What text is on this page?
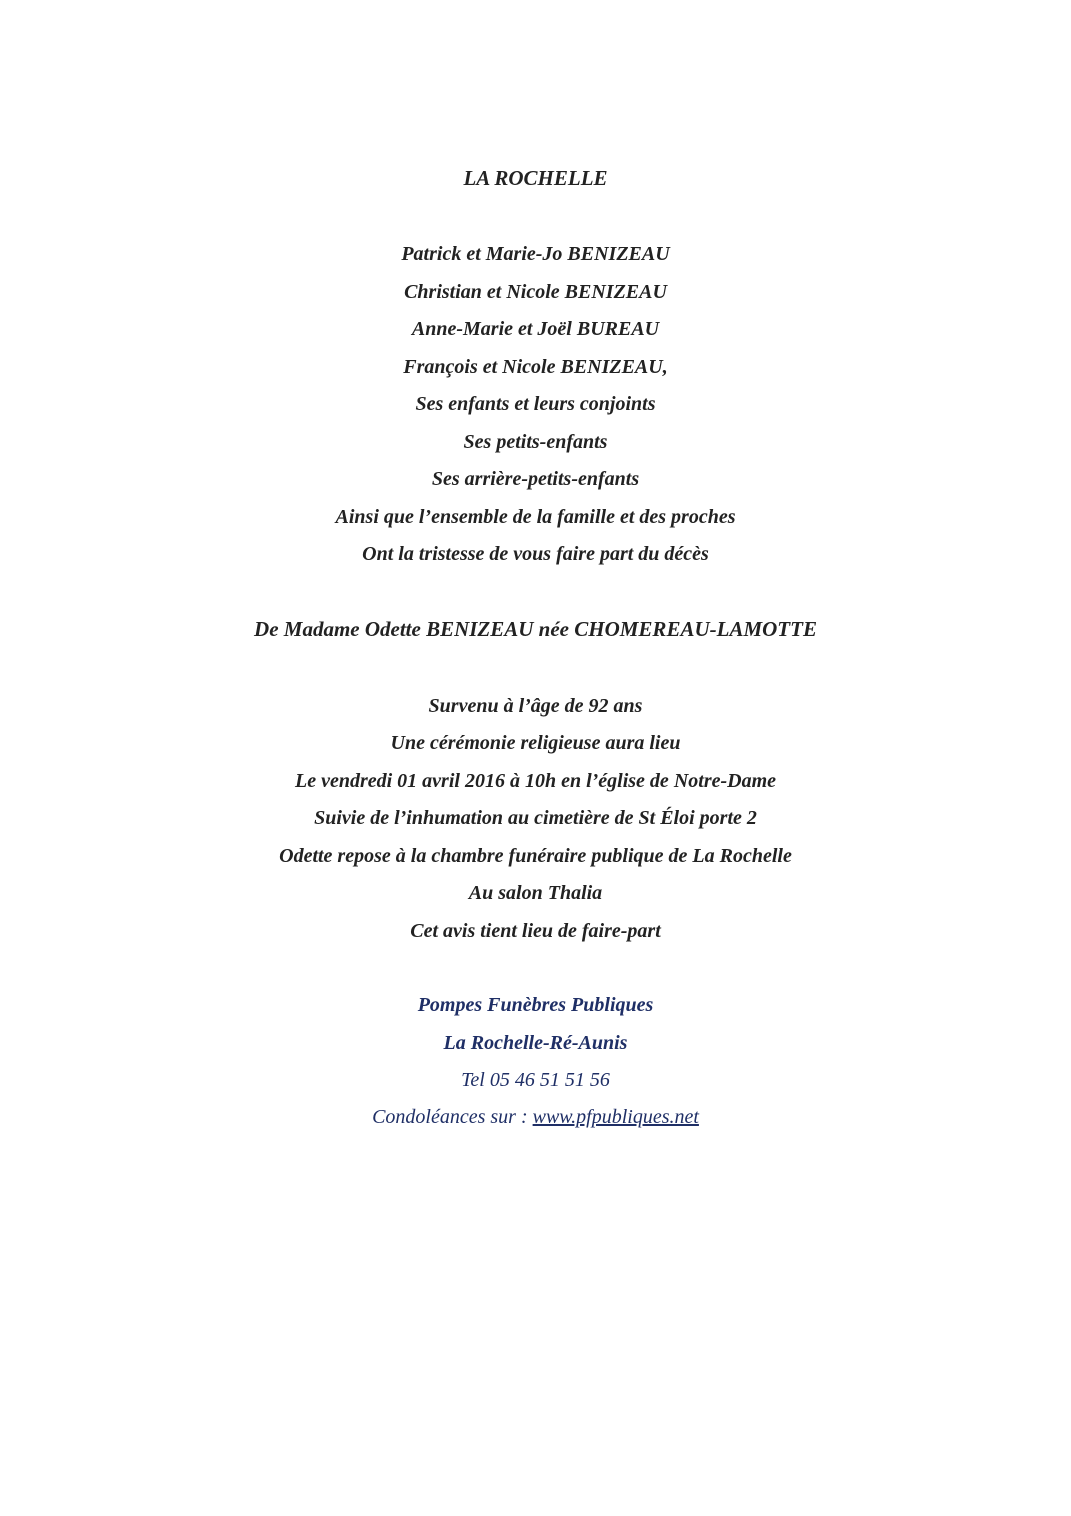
LA ROCHELLE
Patrick et Marie-Jo BENIZEAU
Christian et Nicole BENIZEAU
Anne-Marie et Joël BUREAU
François et Nicole BENIZEAU,
Ses enfants et leurs conjoints
Ses petits-enfants
Ses arrière-petits-enfants
Ainsi que l’ensemble de la famille et des proches
Ont la tristesse de vous faire part du décès
De Madame Odette BENIZEAU née CHOMEREAU-LAMOTTE
Survenu à l’âge de 92 ans
Une cérémonie religieuse aura lieu
Le vendredi 01 avril 2016 à 10h en l’église de Notre-Dame
Suivie de l’inhumation au cimetière de St Éloi porte 2
Odette repose à la chambre funéraire publique de La Rochelle
Au salon Thalia
Cet avis tient lieu de faire-part
Pompes Funèbres Publiques
La Rochelle-Ré-Aunis
Tel 05 46 51 51 56
Condoléances sur : www.pfpubliques.net
